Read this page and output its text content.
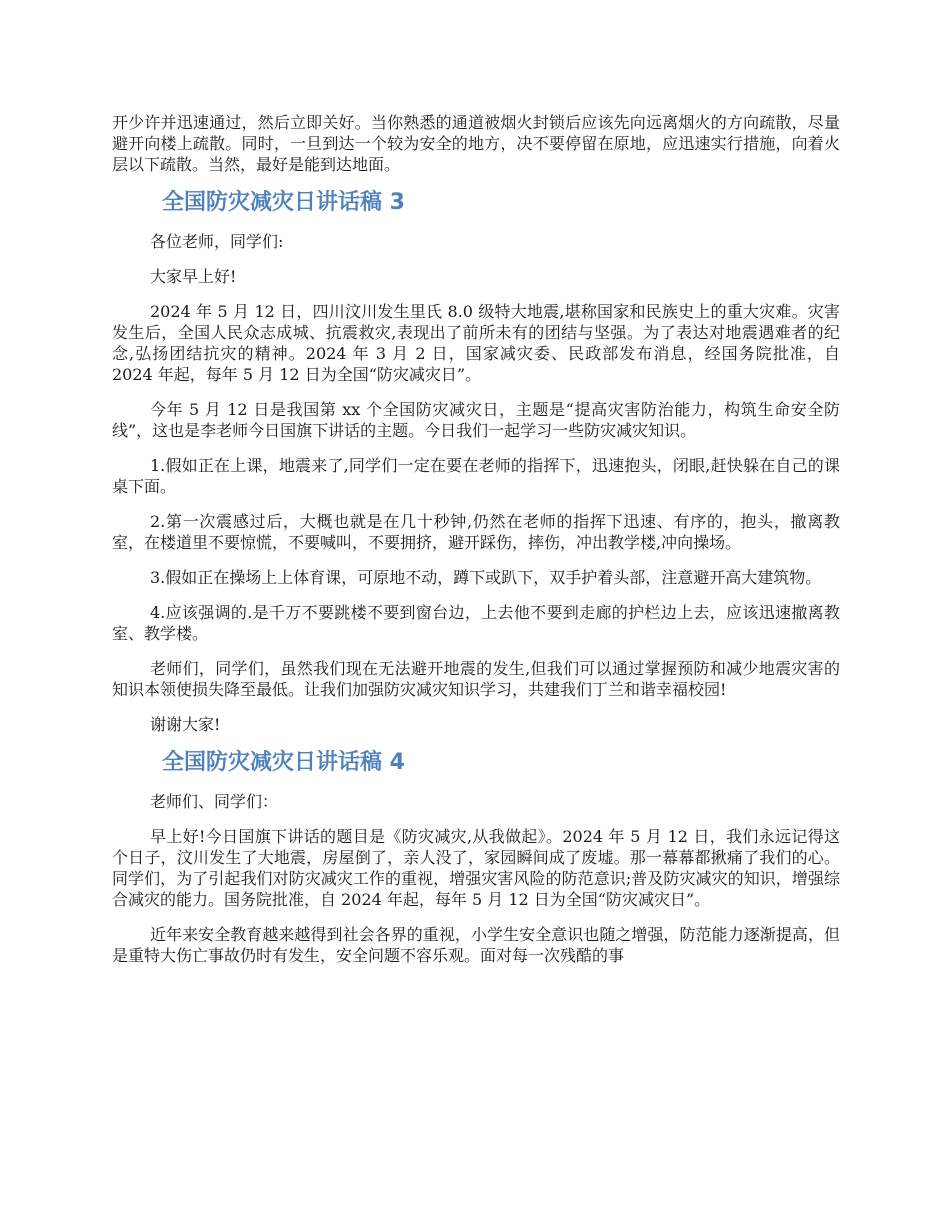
开少许并迅速通过，然后立即关好。当你熟悉的通道被烟火封锁后应该先向远离烟火的方向疏散，尽量避开向楼上疏散。同时，一旦到达一个较为安全的地方，决不要停留在原地，应迅速实行措施，向着火层以下疏散。当然，最好是能到达地面。

全国防灾减灾日讲话稿 3

各位老师，同学们:

大家早上好!

2024 年 5 月 12 日，四川汶川发生里氏 8.0 级特大地震,堪称国家和民族史上的重大灾难。灾害发生后，全国人民众志成城、抗震救灾,表现出了前所未有的团结与坚强。为了表达对地震遇难者的纪念,弘扬团结抗灾的精神。2024 年 3 月 2 日，国家减灾委、民政部发布消息，经国务院批准，自 2024 年起，每年 5 月 12 日为全国“防灾减灾日”。

今年 5 月 12 日是我国第 xx 个全国防灾减灾日，主题是“提高灾害防治能力，构筑生命安全防线”，这也是李老师今日国旗下讲话的主题。今日我们一起学习一些防灾减灾知识。

1.假如正在上课，地震来了,同学们一定在要在老师的指挥下，迅速抱头，闭眼,赶快躲在自己的课桌下面。

2.第一次震感过后，大概也就是在几十秒钟,仍然在老师的指挥下迅速、有序的，抱头，撤离教室，在楼道里不要惊慌，不要喊叫，不要拥挤，避开踩伤，摔伤，冲出教学楼,冲向操场。

3.假如正在操场上上体育课，可原地不动，蹲下或趴下，双手护着头部，注意避开高大建筑物。

4.应该强调的.是千万不要跳楼不要到窗台边，上去他不要到走廊的护栏边上去，应该迅速撤离教室、教学楼。

老师们，同学们，虽然我们现在无法避开地震的发生,但我们可以通过掌握预防和减少地震灾害的知识本领使损失降至最低。让我们加强防灾减灾知识学习，共建我们丁兰和谐幸福校园!

谢谢大家!

全国防灾减灾日讲话稿 4

老师们、同学们：

早上好!今日国旗下讲话的题目是《防灾减灾,从我做起》。2024 年 5 月 12 日，我们永远记得这个日子，汶川发生了大地震，房屋倒了，亲人没了，家园瞬间成了废墟。那一幕幕都揪痛了我们的心。同学们，为了引起我们对防灾减灾工作的重视，增强灾害风险的防范意识;普及防灾减灾的知识，增强综合减灾的能力。国务院批准，自 2024 年起，每年 5 月 12 日为全国“防灾减灾日”。

近年来安全教育越来越得到社会各界的重视，小学生安全意识也随之增强，防范能力逐渐提高，但是重特大伤亡事故仍时有发生，安全问题不容乐观。面对每一次残酷的事
